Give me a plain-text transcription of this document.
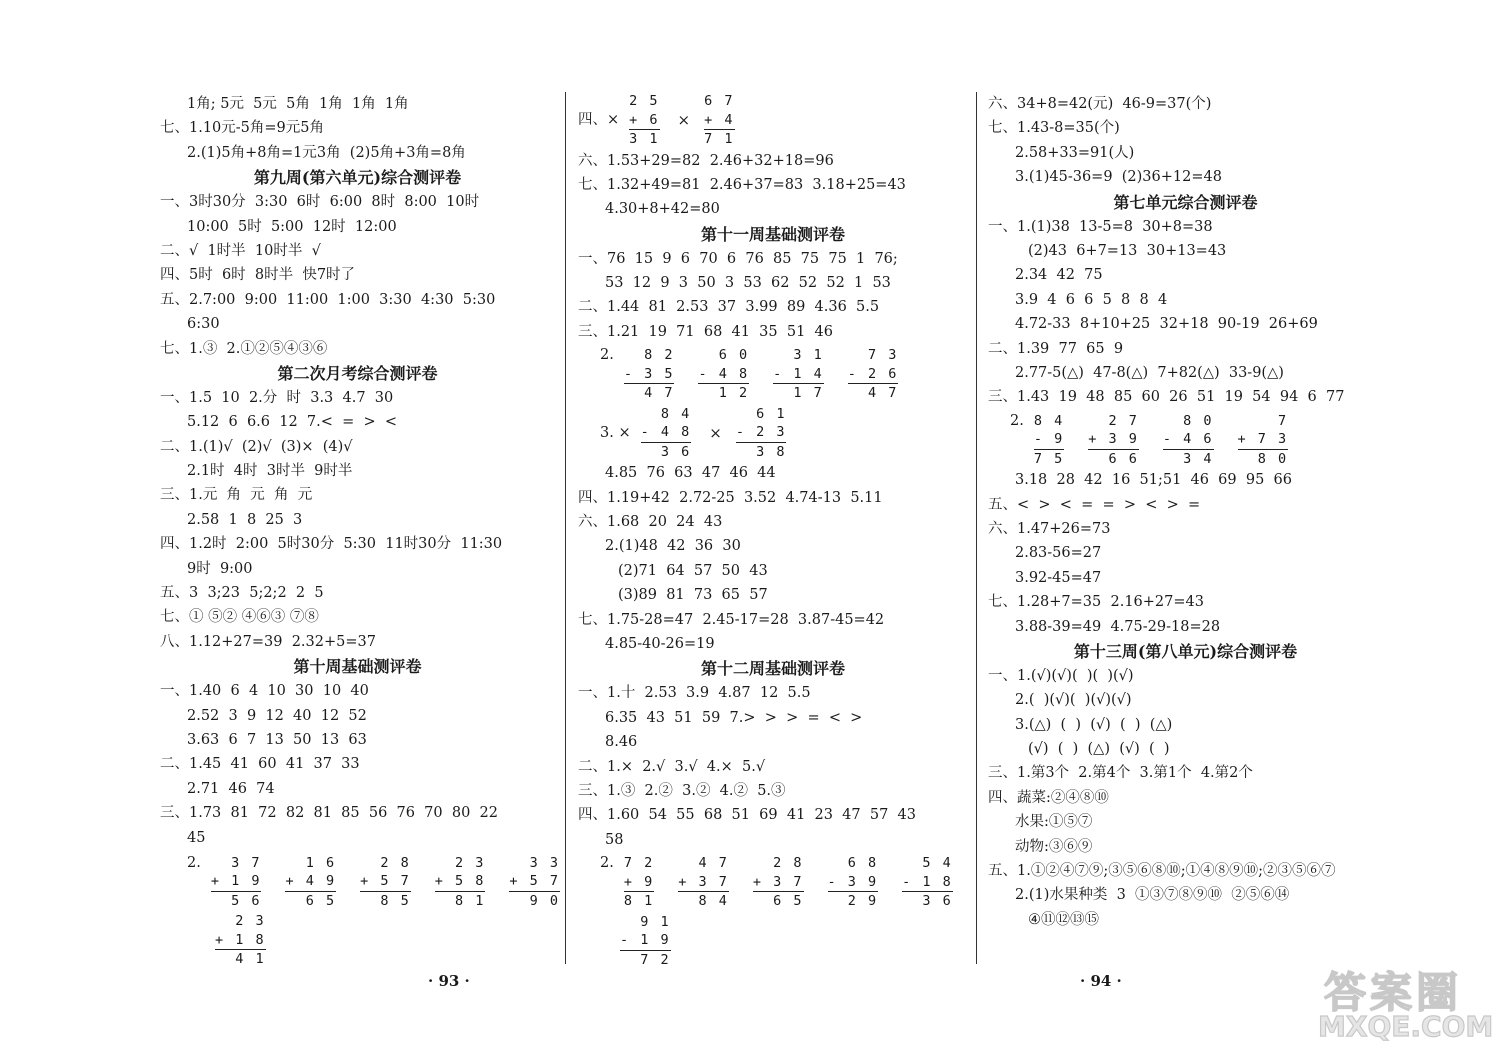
1角; 5元  5元  5角  1角  1角  1角
七、1.10元-5角=9元5角
2.(1)5角+8角=1元3角  (2)5角+3角=8角
第九周(第六单元)综合测评卷
一、3时30分  3:30  6时  6:00  8时  8:00  10时
10:00  5时  5:00  12时  12:00
二、√  1时半  10时半  √
四、5时  6时  8时半  快7时了
五、2.7:00  9:00  11:00  1:00  3:30  4:30  5:30
6:30
七、1.③  2.①②⑤④③⑥
第二次月考综合测评卷
一、1.5  10  2.分  时  3.3  4.7  30
5.12  6  6.6  12  7.<  =  >  <
二、1.(1)√  (2)√  (3)×  (4)√
2.1时  4时  3时半  9时半
三、1.元  角  元  角  元
2.58  1  8  25  3
四、1.2时  2:00  5时30分  5:30  11时30分  11:30
9时  9:00
五、3  3;23  5;2;2  2  5
七、① ⑤② ④⑥③ ⑦⑧
八、1.12+27=39  2.32+5=37
第十周基础测评卷
一、1.40  6  4  10  30  10  40
2.52  3  9  12  40  12  52
3.63  6  7  13  50  13  63
二、1.45  41  60  41  37  33
2.71  46  74
三、1.73  81  72  82  81  85  56  76  70  80  22
45
2.	3 7
+ 1 9
5 6
1 6
+ 4 9
6 5
2 8
+ 5 7
8 5
2 3
+ 5 8
8 1
3 3
+ 5 7
9 0
2 3
+ 1 8
4 1
四、×
2 5
+ 6
3 1
×
6 7
+ 4
7 1
六、1.53+29=82  2.46+32+18=96
七、1.32+49=81  2.46+37=83  3.18+25=43
4.30+8+42=80
第十一周基础测评卷
一、76  15  9  6  70  6  76  85  75  75  1  76;
53  12  9  3  50  3  53  62  52  52  1  53
二、1.44  81  2.53  37  3.99  89  4.36  5.5
三、1.21  19  71  68  41  35  51  46
2.	8 2
- 3 5
4 7
6 0
- 4 8
1 2
3 1
- 1 4
1 7
7 3
- 2 6
4 7
3. ×
8 4
- 4 8
3 6
×
6 1
- 2 3
3 8
4.85  76  63  47  46  44
四、1.19+42  2.72-25  3.52  4.74-13  5.11
六、1.68  20  24  43
2.(1)48  42  36  30
(2)71  64  57  50  43
(3)89  81  73  65  57
七、1.75-28=47  2.45-17=28  3.87-45=42
4.85-40-26=19
第十二周基础测评卷
一、1.十  2.53  3.9  4.87  12  5.5
6.35  43  51  59  7.>  >  >  =  <  >
8.46
二、1.×  2.√  3.√  4.×  5.√
三、1.③  2.②  3.②  4.②  5.③
四、1.60  54  55  68  51  69  41  23  47  57  43
58
2. 7 2
+ 9
8 1
4 7
+ 3 7
8 4
2 8
+ 3 7
6 5
6 8
- 3 9
2 9
5 4
- 1 8
3 6
9 1
- 1 9
7 2
六、34+8=42(元)  46-9=37(个)
七、1.43-8=35(个)
2.58+33=91(人)
3.(1)45-36=9  (2)36+12=48
第七单元综合测评卷
一、1.(1)38  13-5=8  30+8=38
(2)43  6+7=13  30+13=43
2.34  42  75
3.9  4  6  6  5  8  8  4
4.72-33  8+10+25  32+18  90-19  26+69
二、1.39  77  65  9
2.77-5(△)  47-8(△)  7+82(△)  33-9(△)
三、1.43  19  48  85  60  26  51  19  54  94  6  77
2. 8 4
- 9
7 5
2 7
+ 3 9
6 6
8 0
- 4 6
3 4
7
+ 7 3
8 0
3.18  28  42  16  51;51  46  69  95  66
五、<  >  <  =  =  >  <  >  =
六、1.47+26=73
2.83-56=27
3.92-45=47
七、1.28+7=35  2.16+27=43
3.88-39=49  4.75-29-18=28
第十三周(第八单元)综合测评卷
一、1.(√)(√)(  )(  )(√)
2.(  )(√)(  )(√)(√)
3.(△)  (  )  (√)  (  )  (△)
(√)  (  )  (△)  (√)  (  )
三、1.第3个  2.第4个  3.第1个  4.第2个
四、蔬菜:②④⑧⑩
水果:①⑤⑦
动物:③⑥⑨
五、1.①②④⑦⑨;③⑤⑥⑧⑩;①④⑧⑨⑩;②③⑤⑥⑦
2.(1)水果种类  3  ①③⑦⑧⑨⑩  ②⑤⑥⑭
④⑪⑫⑬⑮
· 93 ·	· 94 ·	答案圈
MXQE.COM
